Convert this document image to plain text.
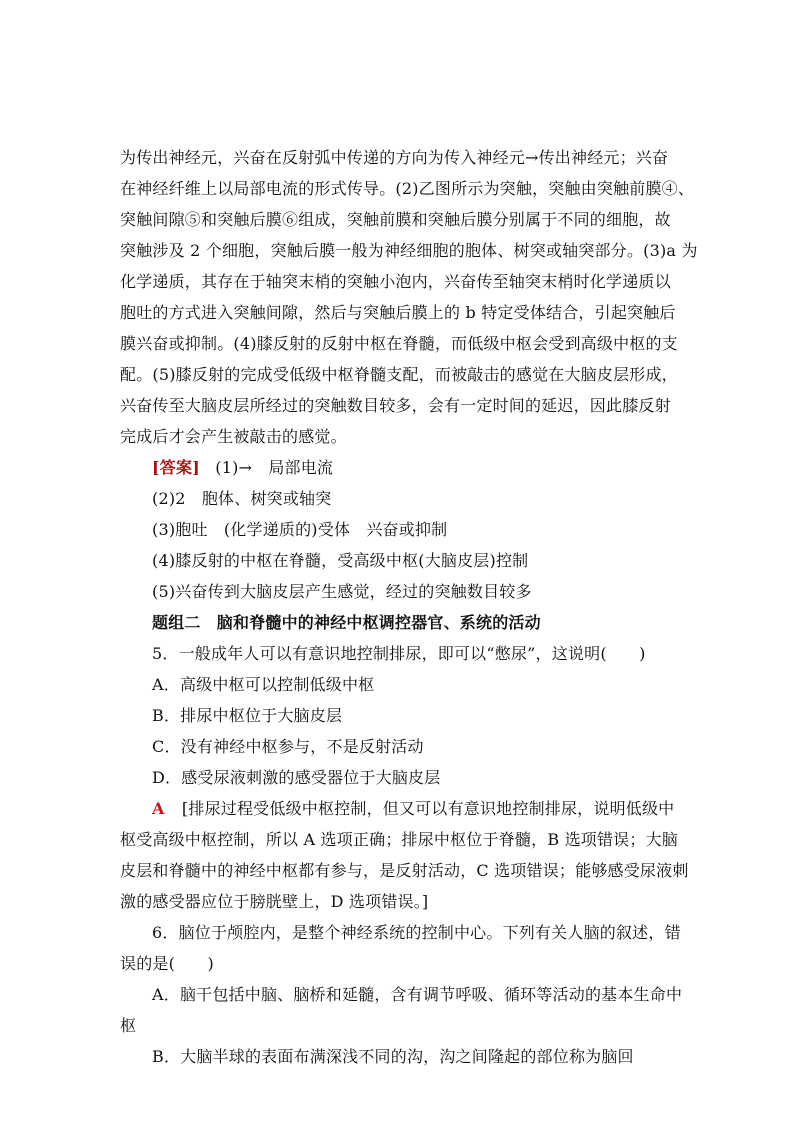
为传出神经元，兴奋在反射弧中传递的方向为传入神经元→传出神经元；兴奋
在神经纤维上以局部电流的形式传导。(2)乙图所示为突触，突触由突触前膜④、
突触间隙⑤和突触后膜⑥组成，突触前膜和突触后膜分别属于不同的细胞，故
突触涉及 2 个细胞，突触后膜一般为神经细胞的胞体、树突或轴突部分。(3)a 为
化学递质，其存在于轴突末梢的突触小泡内，兴奋传至轴突末梢时化学递质以
胞吐的方式进入突触间隙，然后与突触后膜上的 b 特定受体结合，引起突触后
膜兴奋或抑制。(4)膝反射的反射中枢在脊髓，而低级中枢会受到高级中枢的支
配。(5)膝反射的完成受低级中枢脊髓支配，而被敲击的感觉在大脑皮层形成，
兴奋传至大脑皮层所经过的突触数目较多，会有一定时间的延迟，因此膝反射
完成后才会产生被敲击的感觉。
[答案] (1)→　局部电流
(2)2　胞体、树突或轴突
(3)胞吐　(化学递质的)受体　兴奋或抑制
(4)膝反射的中枢在脊髓，受高级中枢(大脑皮层)控制
(5)兴奋传到大脑皮层产生感觉，经过的突触数目较多
题组二　脑和脊髓中的神经中枢调控器官、系统的活动
5．一般成年人可以有意识地控制排尿，即可以“憋尿”，这说明(　　)
A．高级中枢可以控制低级中枢
B．排尿中枢位于大脑皮层
C．没有神经中枢参与，不是反射活动
D．感受尿液刺激的感受器位于大脑皮层
A [排尿过程受低级中枢控制，但又可以有意识地控制排尿，说明低级中
枢受高级中枢控制，所以 A 选项正确；排尿中枢位于脊髓，B 选项错误；大脑
皮层和脊髓中的神经中枢都有参与，是反射活动，C 选项错误；能够感受尿液刺
激的感受器应位于膀胱壁上，D 选项错误。]
6．脑位于颅腔内，是整个神经系统的控制中心。下列有关人脑的叙述，错
误的是(　　)
A．脑干包括中脑、脑桥和延髓，含有调节呼吸、循环等活动的基本生命中
枢
B．大脑半球的表面布满深浅不同的沟，沟之间隆起的部位称为脑回
